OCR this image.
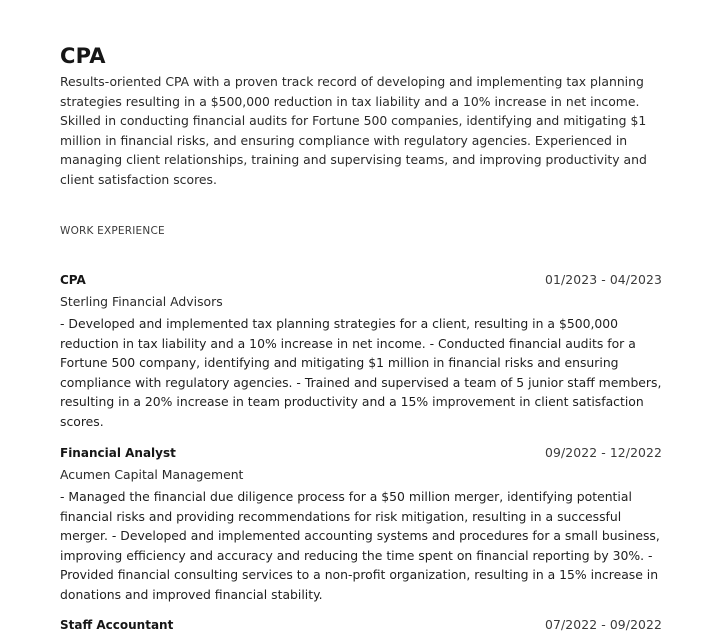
CPA

Results-oriented CPA with a proven track record of developing and implementing tax planning strategies resulting in a $500,000 reduction in tax liability and a 10% increase in net income. Skilled in conducting financial audits for Fortune 500 companies, identifying and mitigating $1 million in financial risks, and ensuring compliance with regulatory agencies. Experienced in managing client relationships, training and supervising teams, and improving productivity and client satisfaction scores.

WORK EXPERIENCE
CPA	01/2023 - 04/2023
Sterling Financial Advisors
- Developed and implemented tax planning strategies for a client, resulting in a $500,000 reduction in tax liability and a 10% increase in net income. - Conducted financial audits for a Fortune 500 company, identifying and mitigating $1 million in financial risks and ensuring compliance with regulatory agencies. - Trained and supervised a team of 5 junior staff members, resulting in a 20% increase in team productivity and a 15% improvement in client satisfaction scores.
Financial Analyst	09/2022 - 12/2022
Acumen Capital Management
- Managed the financial due diligence process for a $50 million merger, identifying potential financial risks and providing recommendations for risk mitigation, resulting in a successful merger. - Developed and implemented accounting systems and procedures for a small business, improving efficiency and accuracy and reducing the time spent on financial reporting by 30%. - Provided financial consulting services to a non-profit organization, resulting in a 15% increase in donations and improved financial stability.
Staff Accountant	07/2022 - 09/2022
